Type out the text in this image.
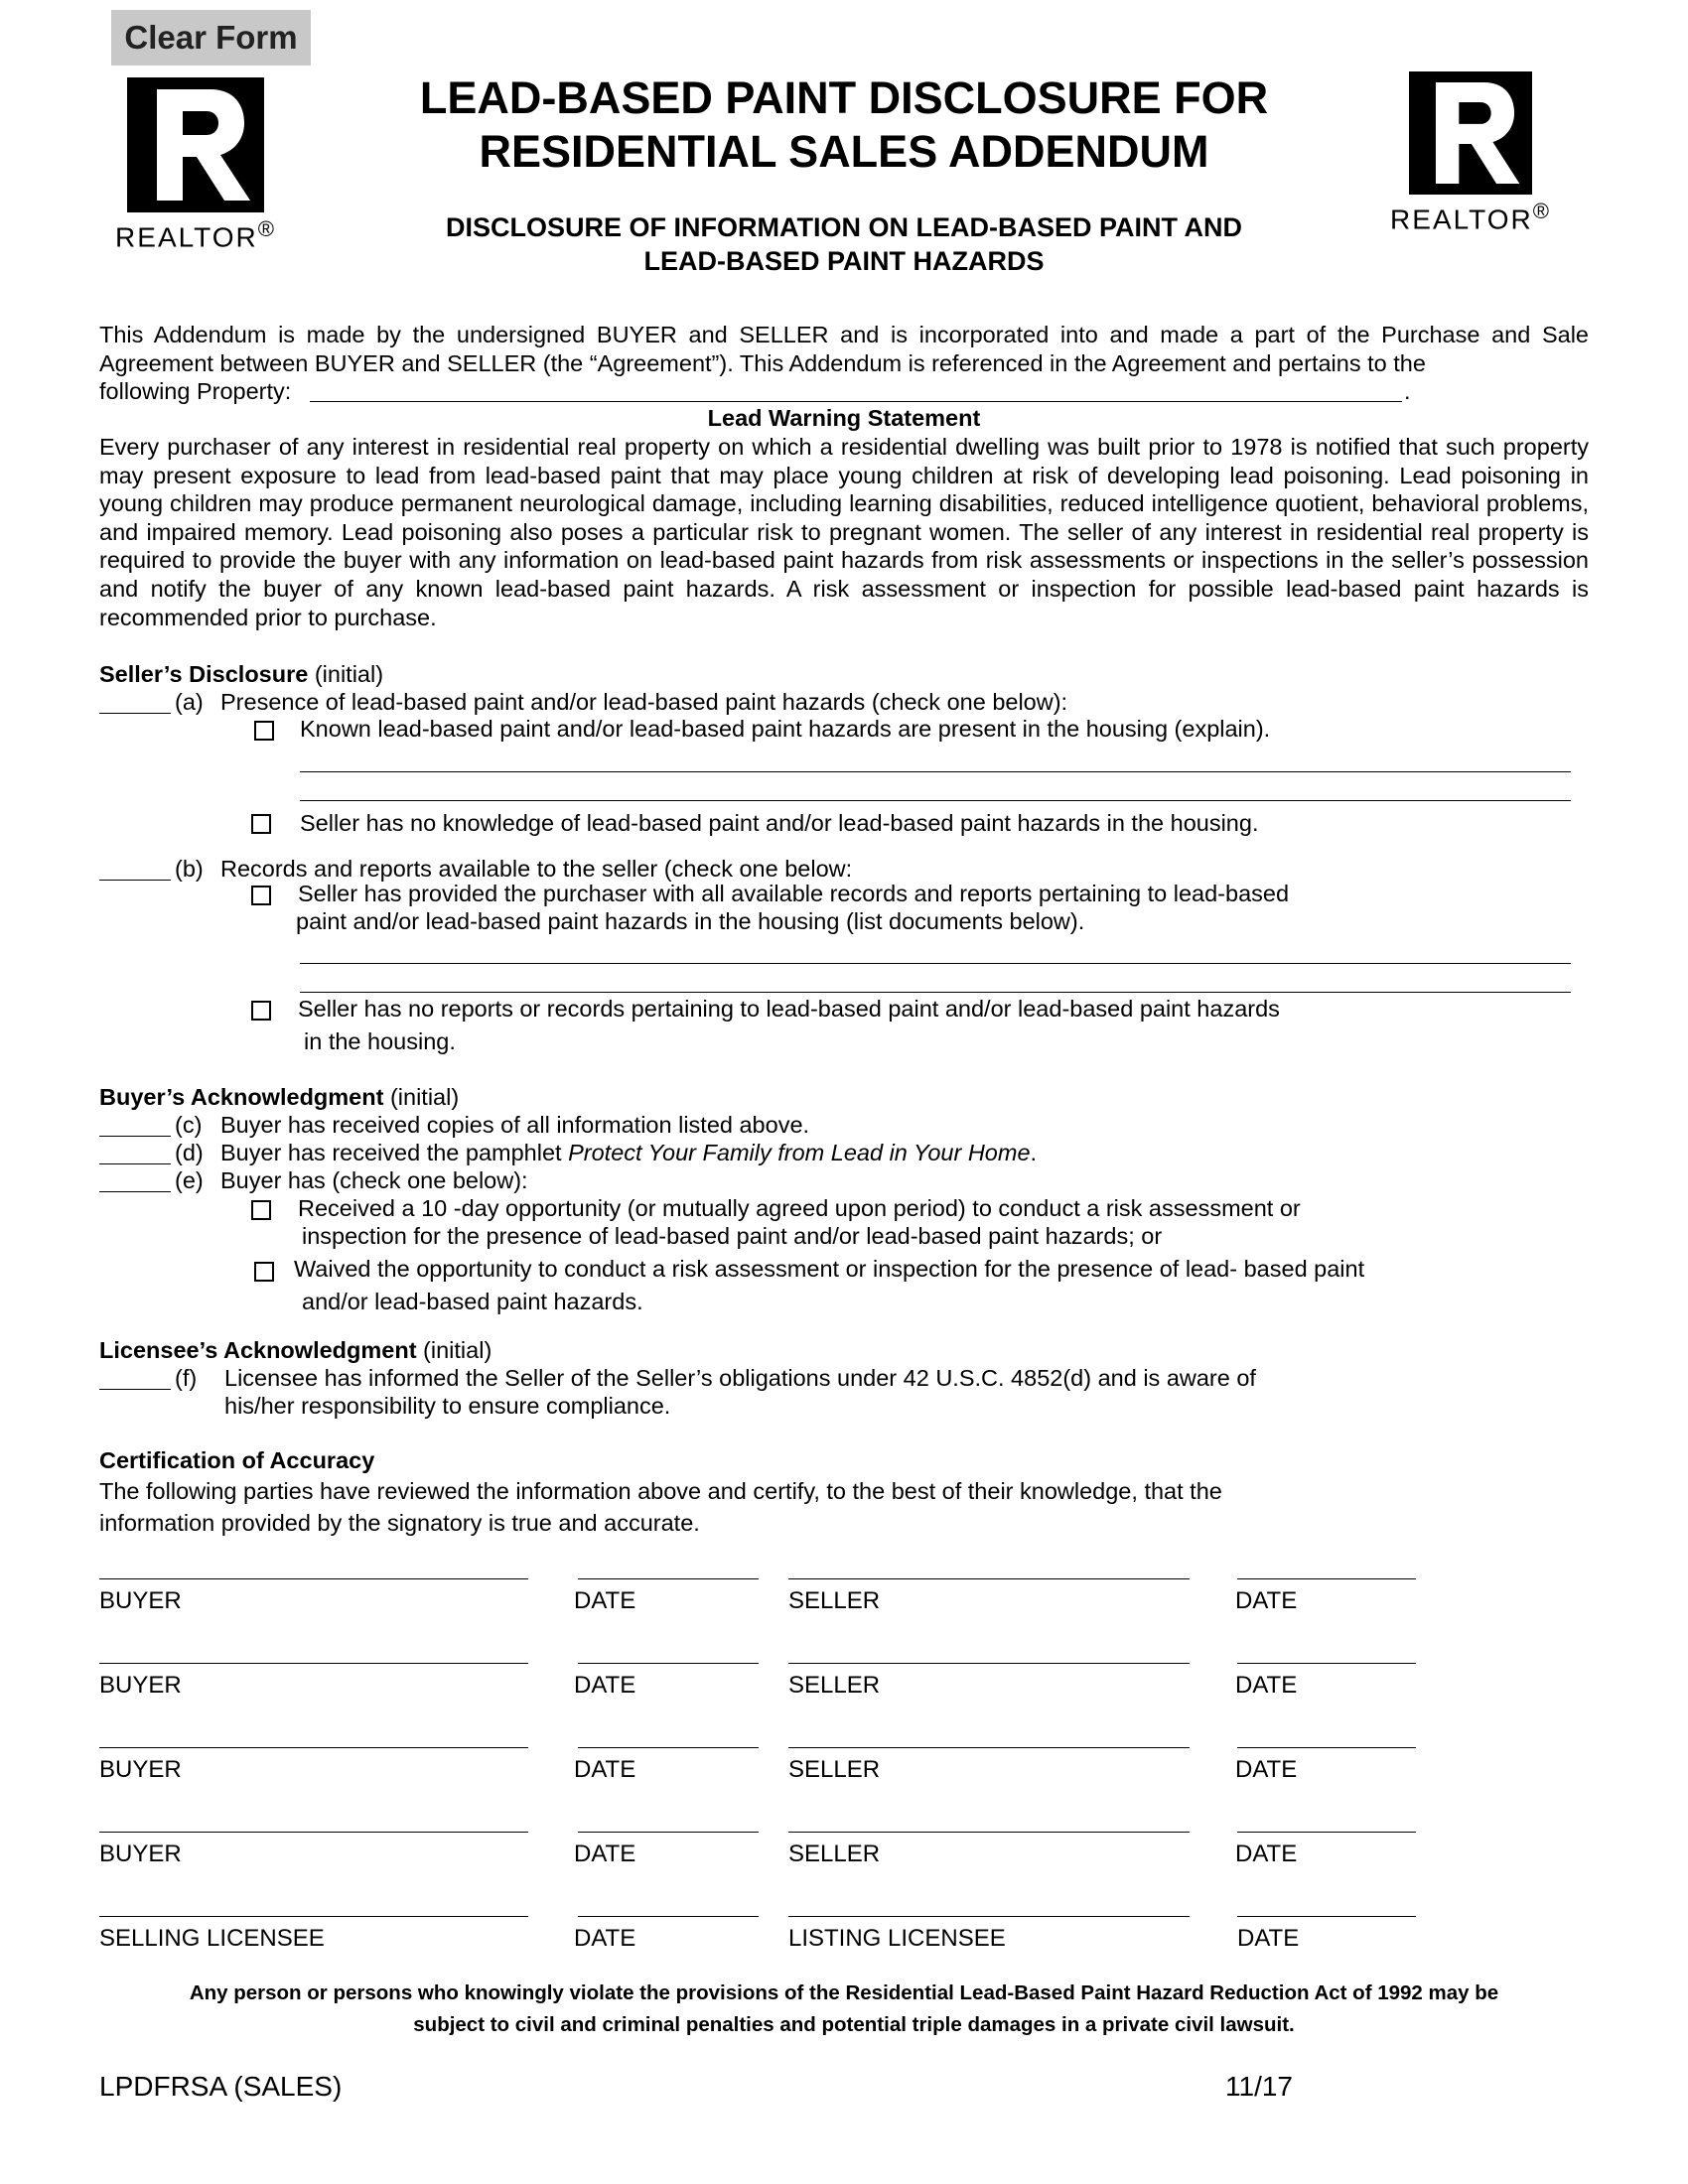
Clear Form
REALTOR®	REALTOR®
LEAD-BASED PAINT DISCLOSURE FOR
RESIDENTIAL SALES ADDENDUM
DISCLOSURE OF INFORMATION ON LEAD-BASED PAINT AND
LEAD-BASED PAINT HAZARDS
This Addendum is made by the undersigned BUYER and SELLER and is incorporated into and made a part of the Purchase and Sale Agreement between BUYER and SELLER (the “Agreement”). This Addendum is referenced in the Agreement and pertains to the
following Property:	.
Lead Warning Statement
Every purchaser of any interest in residential real property on which a residential dwelling was built prior to 1978 is notified that such property may present exposure to lead from lead-based paint that may place young children at risk of developing lead poisoning. Lead poisoning in young children may produce permanent neurological damage, including learning disabilities, reduced intelligence quotient, behavioral problems, and impaired memory. Lead poisoning also poses a particular risk to pregnant women. The seller of any interest in residential real property is required to provide the buyer with any information on lead-based paint hazards from risk assessments or inspections in the seller’s possession and notify the buyer of any known lead-based paint hazards. A risk assessment or inspection for possible lead-based paint hazards is recommended prior to purchase.
Seller’s Disclosure (initial)
(a) Presence of lead-based paint and/or lead-based paint hazards (check one below):
Known lead-based paint and/or lead-based paint hazards are present in the housing (explain).
Seller has no knowledge of lead-based paint and/or lead-based paint hazards in the housing.
(b) Records and reports available to the seller (check one below:
Seller has provided the purchaser with all available records and reports pertaining to lead-based
paint and/or lead-based paint hazards in the housing (list documents below).
Seller has no reports or records pertaining to lead-based paint and/or lead-based paint hazards
in the housing.
Buyer’s Acknowledgment (initial)
(c) Buyer has received copies of all information listed above.
(d) Buyer has received the pamphlet Protect Your Family from Lead in Your Home.
(e) Buyer has (check one below):
Received a 10 -day opportunity (or mutually agreed upon period) to conduct a risk assessment or
inspection for the presence of lead-based paint and/or lead-based paint hazards; or
Waived the opportunity to conduct a risk assessment or inspection for the presence of lead- based paint
and/or lead-based paint hazards.
Licensee’s Acknowledgment (initial)
(f) Licensee has informed the Seller of the Seller’s obligations under 42 U.S.C. 4852(d) and is aware of
his/her responsibility to ensure compliance.
Certification of Accuracy
The following parties have reviewed the information above and certify, to the best of their knowledge, that the
information provided by the signatory is true and accurate.
BUYER	DATE	SELLER	DATE
BUYER	DATE	SELLER	DATE
BUYER	DATE	SELLER	DATE
BUYER	DATE	SELLER	DATE
SELLING LICENSEE	DATE	LISTING LICENSEE	DATE
Any person or persons who knowingly violate the provisions of the Residential Lead-Based Paint Hazard Reduction Act of 1992 may be
subject to civil and criminal penalties and potential triple damages in a private civil lawsuit.
LPDFRSA (SALES)	11/17
